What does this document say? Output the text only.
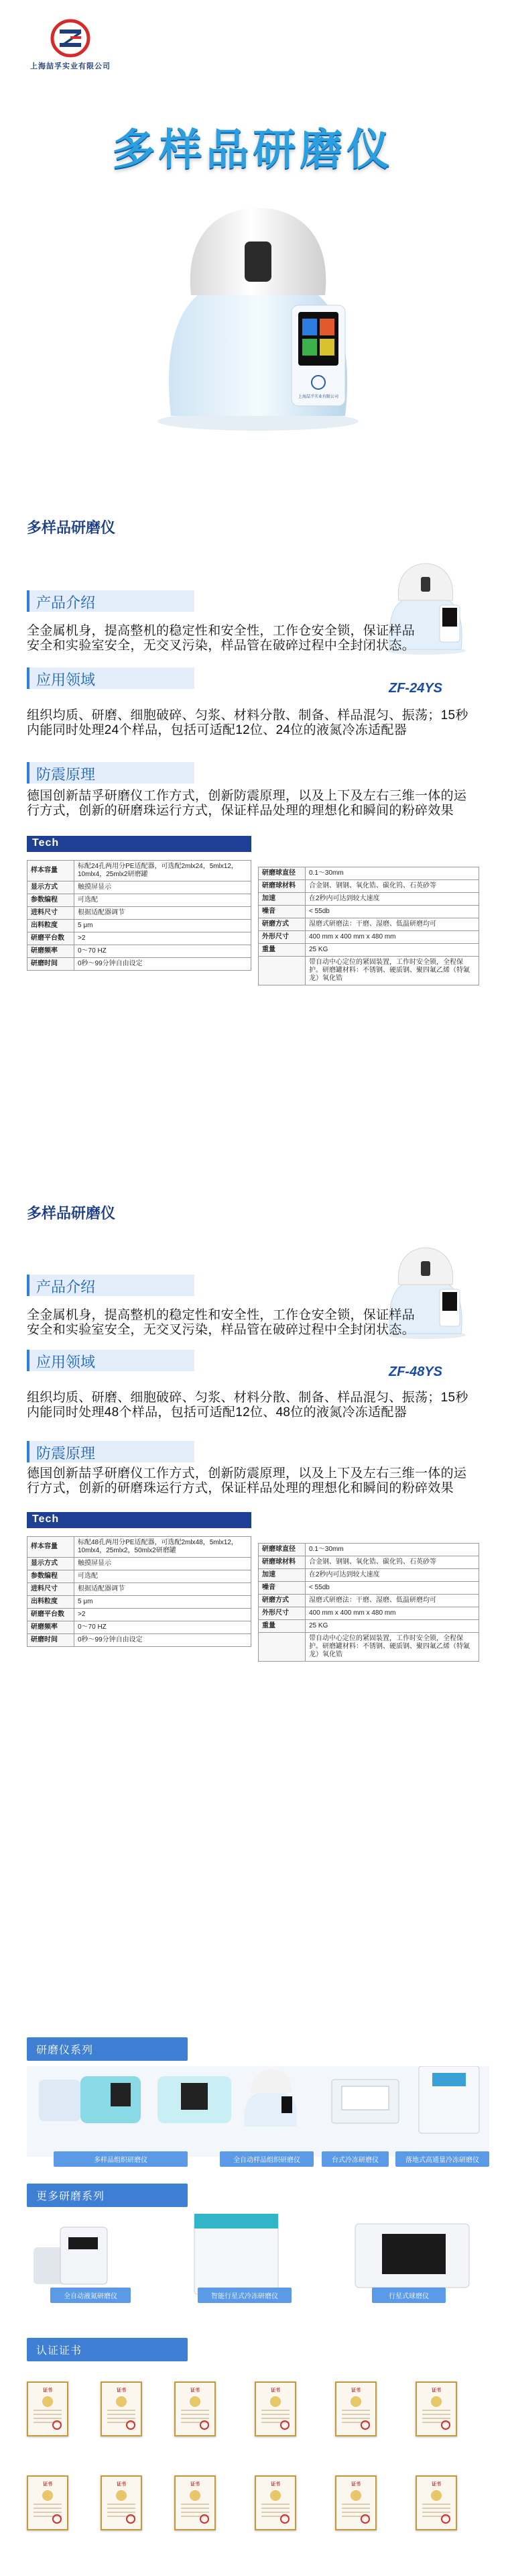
上海喆孚实业有限公司
多样品研磨仪
上海喆孚实业有限公司
多样品研磨仪
产品介绍
全金属机身，提高整机的稳定性和安全性，工作仓安全锁，保证样品安全和实验室安全，无交叉污染，样品管在破碎过程中全封闭状态。
应用领域	ZF-24YS
组织均质、研磨、细胞破碎、匀浆、材料分散、制备、样品混匀、振荡；15秒内能同时处理24个样品，包括可适配12位、24位的液氮冷冻适配器
防震原理
德国创新喆孚研磨仪工作方式，创新防震原理，以及上下及左右三维一体的运行方式，创新的研磨珠运行方式，保证样品处理的理想化和瞬间的粉碎效果
Tech
样本容量	标配24孔两用分PE适配器，可选配2mlx24，5mlx12，10mlx4，25mlx2研磨罐
显示方式	触摸屏显示
参数编程	可选配
进料尺寸	根据适配器调节
出料粒度	5 μm
研磨平台数	>2
研磨频率	0～70 HZ
研磨时间	0秒～99分钟自由设定
研磨球直径	0.1～30mm
研磨球材料	合金钢、钢钢、氧化锆、碳化钨、石英砂等
加速	在2秒内可达到较大速度
噪音	< 55db
研磨方式	湿磨式研磨法：干磨、湿磨、低温研磨均可
外形尺寸	400 mm x 400 mm x 480 mm
重量	25 KG
	带自动中心定位的紧固装置，工作时安全锁，全程保护。研磨罐材料：不锈钢、硬质钢、聚四氟乙烯（特氟龙）氧化锆
多样品研磨仪
产品介绍
全金属机身，提高整机的稳定性和安全性，工作仓安全锁，保证样品安全和实验室安全，无交叉污染，样品管在破碎过程中全封闭状态。
应用领域
ZF-48YS
组织均质、研磨、细胞破碎、匀浆、材料分散、制备、样品混匀、振荡；15秒内能同时处理48个样品，包括可适配12位、48位的液氮冷冻适配器
防震原理
德国创新喆孚研磨仪工作方式，创新防震原理，以及上下及左右三维一体的运行方式，创新的研磨珠运行方式，保证样品处理的理想化和瞬间的粉碎效果
Tech
样本容量	标配48孔两用分PE适配器，可选配2mlx48，5mlx12，10mlx4，25mlx2，50mlx2研磨罐
显示方式	触摸屏显示
参数编程	可选配
进料尺寸	根据适配器调节
出料粒度	5 μm
研磨平台数	>2
研磨频率	0～70 HZ
研磨时间	0秒～99分钟自由设定
研磨球直径	0.1～30mm
研磨球材料	合金钢、钢钢、氧化锆、碳化钨、石英砂等
加速	在2秒内可达到较大速度
噪音	< 55db
研磨方式	湿磨式研磨法：干磨、湿磨、低温研磨均可
外形尺寸	400 mm x 400 mm x 480 mm
重量	25 KG
	带自动中心定位的紧固装置，工作时安全锁，全程保护。研磨罐材料：不锈钢、硬质钢、聚四氟乙烯（特氟龙）氧化锆
研磨仪系列
多样品组织研磨仪	全自动样品组织研磨仪	台式冷冻研磨仪	落地式高通量冷冻研磨仪
更多研磨系列
全自动液氮研磨仪	智能行星式冷冻研磨仪	行星式球磨仪
认证证书
证书	证书	证书	证书	证书	证书
证书	证书	证书	证书	证书	证书
